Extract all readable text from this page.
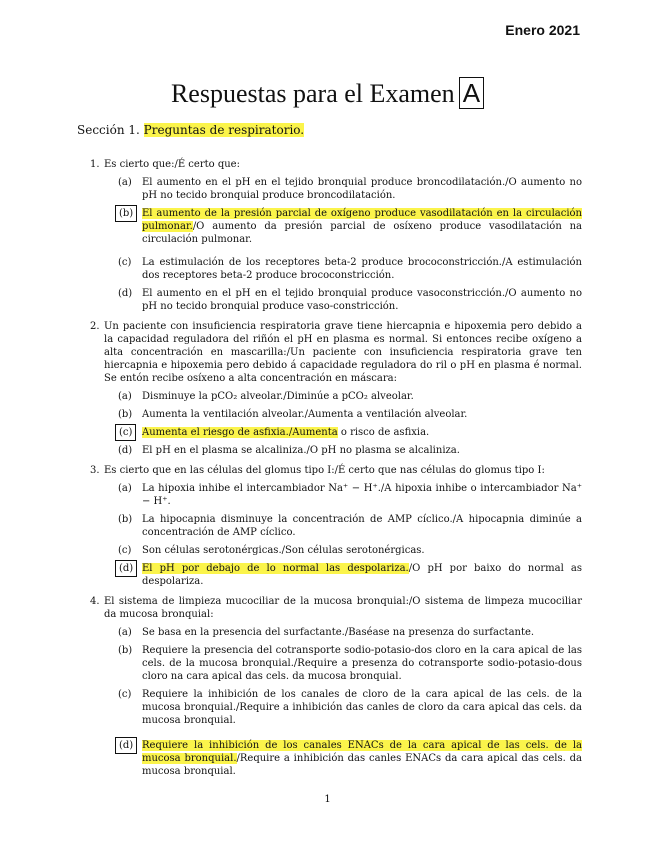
Enero 2021
Respuestas para el Examen A
Sección 1. Preguntas de respiratorio.
1. Es cierto que:/É certo que:
(a)	El aumento en el pH en el tejido bronquial produce broncodilatación./O aumento no pH no tecido bronquial produce broncodilatación.
(b) El aumento de la presión parcial de oxígeno produce vasodilatación en la circulación pulmonar./O aumento da presión parcial de osíxeno produce vasodilatación na circulación pulmonar.
(c)	La estimulación de los receptores beta-2 produce brococonstricción./A estimulación dos receptores beta-2 produce brococonstricción.
(d) El aumento en el pH en el tejido bronquial produce vasoconstricción./O aumento no pH no tecido bronquial produce vaso-constricción.
2. Un paciente con insuficiencia respiratoria grave tiene hiercapnia e hipoxemia pero debido a la capacidad reguladora del riñón el pH en plasma es normal. Si entonces recibe oxígeno a alta concentración en mascarilla:/Un paciente con insuficiencia respiratoria grave ten hiercapnia e hipoxemia pero debido á capacidade reguladora do ril o pH en plasma é normal. Se entón recibe osíxeno a alta concentración en máscara:
(a)	Disminuye la pCO₂ alveolar./Diminúe a pCO₂ alveolar.
(b) Aumenta la ventilación alveolar./Aumenta a ventilación alveolar.
(c) Aumenta el riesgo de asfixia./Aumenta o risco de asfixia.
(d) El pH en el plasma se alcaliniza./O pH no plasma se alcaliniza.
3. Es cierto que en las células del glomus tipo I:/É certo que nas células do glomus tipo I:
(a)	La hipoxia inhibe el intercambiador Na⁺ − H⁺./A hipoxia inhibe o intercambiador Na⁺ − H⁺.
(b) La hipocapnia disminuye la concentración de AMP cíclico./A hipocapnia diminúe a concentración de AMP cíclico.
(c)	Son células serotonérgicas./Son células serotonérgicas.
(d) El pH por debajo de lo normal las despolariza./O pH por baixo do normal as despolariza.
4. El sistema de limpieza mucociliar de la mucosa bronquial:/O sistema de limpeza mucociliar da mucosa bronquial:
(a)	Se basa en la presencia del surfactante./Baséase na presenza do surfactante.
(b) Requiere la presencia del cotransporte sodio-potasio-dos cloro en la cara apical de las cels. de la mucosa bronquial./Require a presenza do cotransporte sodio-potasio-dous cloro na cara apical das cels. da mucosa bronquial.
(c)	Requiere la inhibición de los canales de cloro de la cara apical de las cels. de la mucosa bronquial./Require a inhibición das canles de cloro da cara apical das cels. da mucosa bronquial.
(d) Requiere la inhibición de los canales ENACs de la cara apical de las cels. de la mucosa bronquial./Require a inhibición das canles ENACs da cara apical das cels. da mucosa bronquial.
1
